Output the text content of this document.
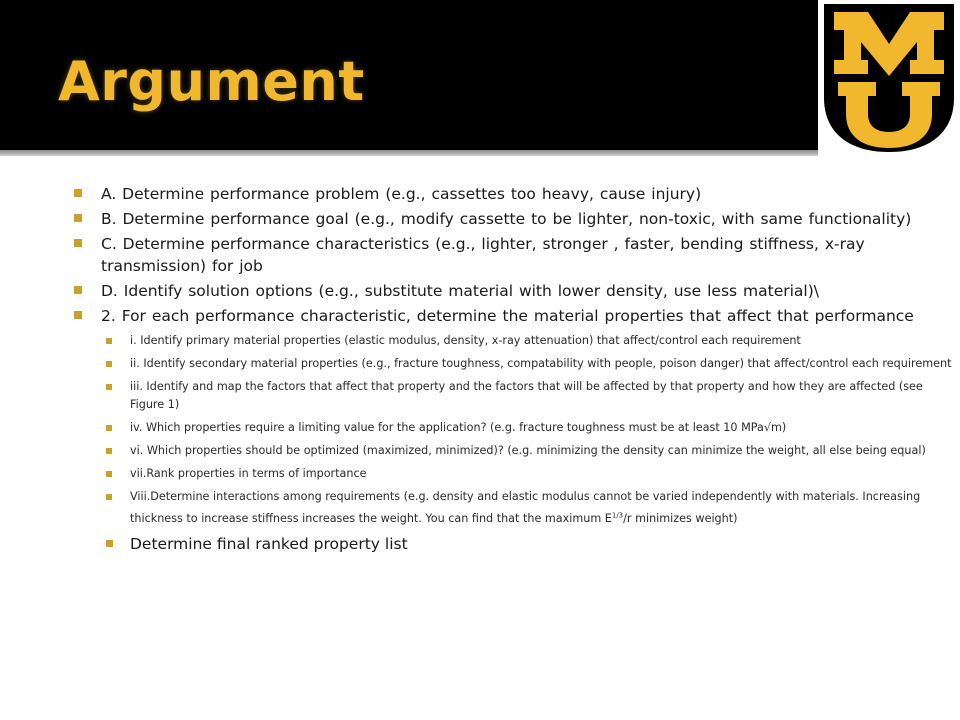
Argument
A. Determine performance problem (e.g., cassettes too heavy, cause injury)
B. Determine performance goal (e.g., modify cassette to be lighter, non-toxic, with same functionality)
C. Determine performance characteristics (e.g., lighter, stronger , faster, bending stiffness, x-ray transmission) for job
D. Identify solution options (e.g., substitute material with lower density, use less material)\
2. For each performance characteristic, determine the material properties that affect that performance
i. Identify primary material properties (elastic modulus, density, x-ray attenuation) that affect/control each requirement
ii. Identify secondary material properties (e.g., fracture toughness, compatability with people, poison danger) that affect/control each requirement
iii. Identify and map the factors that affect that property and the factors that will be affected by that property and how they are affected (see Figure 1)
iv. Which properties require a limiting value for the application? (e.g. fracture toughness must be at least 10 MPa√m)
vi. Which properties should be optimized (maximized, minimized)? (e.g. minimizing the density can minimize the weight, all else being equal)
vii.Rank properties in terms of importance
Viii.Determine interactions among requirements (e.g. density and elastic modulus cannot be varied independently with materials. Increasing thickness to increase stiffness increases the weight. You can find that the maximum $E^{1/3}/r$ minimizes weight)
Determine final ranked property list
